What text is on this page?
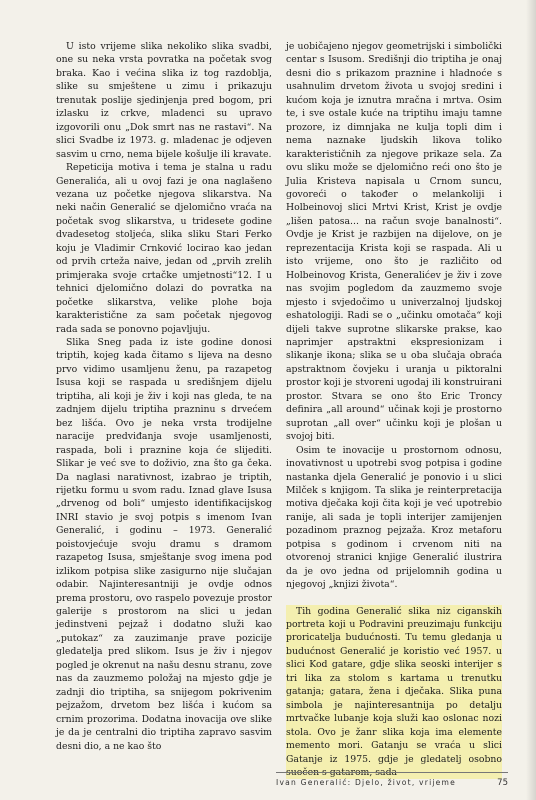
U isto vrijeme slika nekoliko slika svadbi, one su neka vrsta povratka na početak svog braka. Kao i većina slika iz tog razdoblja, slike su smještene u zimu i prikazuju trenutak poslije sjedinjenja pred bogom, pri izlasku iz crkve, mladenci su upravo izgovorili onu „Dok smrt nas ne rastavi“. Na slici Svadbe iz 1973. g. mladenac je odjeven sasvim u crno, nema bijele košulje ili kravate.

Repeticija motiva i tema je stalna u radu Generalića, ali u ovoj fazi je ona naglašeno vezana uz početke njegova slikarstva. Na neki način Generalić se djelomično vraća na početak svog slikarstva, u tridesete godine dvadesetog stoljeća, slika sliku Stari Ferko koju je Vladimir Crnković locirao kao jedan od prvih crteža naive, jedan od „prvih zrelih primjeraka svoje crtačke umjetnosti“12. I u tehnici djelomično dolazi do povratka na početke slikarstva, velike plohe boja karakteristične za sam početak njegovog rada sada se ponovno pojavljuju.

Slika Sneg pada iz iste godine donosi triptih, kojeg kada čitamo s lijeva na desno prvo vidimo usamljenu ženu, pa razapetog Isusa koji se raspada u središnjem dijelu triptiha, ali koji je živ i koji nas gleda, te na zadnjem dijelu triptiha prazninu s drvećem bez lišća. Ovo je neka vrsta trodijelne naracije predviđanja svoje usamljenosti, raspada, boli i praznine koja će slijediti. Slikar je već sve to doživio, zna što ga čeka. Da naglasi narativnost, izabrao je triptih, rijetku formu u svom radu. Iznad glave Isusa „drvenog od boli“ umjesto identifikacijskog INRI stavio je svoj potpis s imenom Ivan Generalić, i godinu – 1973. Generalić poistovjećuje svoju dramu s dramom razapetog Isusa, smještanje svog imena pod izlikom potpisa slike zasigurno nije slučajan odabir. Najinteresantniji je ovdje odnos prema prostoru, ovo raspelo povezuje prostor galerije s prostorom na slici u jedan jedinstveni pejzaž i dodatno služi kao „putokaz“ za zauzimanje prave pozicije gledatelja pred slikom. Isus je živ i njegov pogled je okrenut na našu desnu stranu, zove nas da zauzmemo položaj na mjesto gdje je zadnji dio triptiha, sa snijegom pokrivenim pejzažom, drvetom bez lišća i kućom sa crnim prozorima. Dodatna inovacija ove slike je da je centralni dio triptiha zapravo sasvim desni dio, a ne kao što

je uobičajeno njegov geometrijski i simbolički centar s Isusom. Središnji dio triptiha je onaj desni dio s prikazom praznine i hladnoće s usahnulim drvetom života u svojoj sredini i kućom koja je iznutra mračna i mrtva. Osim te, i sve ostale kuće na triptihu imaju tamne prozore, iz dimnjaka ne kulja topli dim i nema naznake ljudskih likova toliko karakterističnih za njegove prikaze sela. Za ovu sliku može se djelomično reći ono što je Julia Kristeva napisala u Crnom suncu, govoreći o također o melankoliji i Holbeinovoj slici Mrtvi Krist, Krist je ovdje „lišen patosa... na račun svoje banalnosti“. Ovdje je Krist je razbijen na dijelove, on je reprezentacija Krista koji se raspada. Ali u isto vrijeme, ono što je različito od Holbeinovog Krista, Generalićev je živ i zove nas svojim pogledom da zauzmemo svoje mjesto i svjedočimo u univerzalnoj ljudskoj eshatologiji. Radi se o „učinku omotača“ koji dijeli takve suprotne slikarske prakse, kao naprimjer apstraktni ekspresionizam i slikanje ikona; slika se u oba slučaja obraća apstraktnom čovjeku i uranja u piktoralni prostor koji je stvoreni ugodaj ili konstruirani prostor. Stvara se ono što Eric Troncy definira „all around“ učinak koji je prostorno suprotan „all over“ učinku koji je plošan u svojoj biti.

Osim te inovacije u prostornom odnosu, inovativnost u upotrebi svog potpisa i godine nastanka djela Generalić je ponovio i u slici Milček s knjigom. Ta slika je reinterpretacija motiva dječaka koji čita koji je već upotrebio ranije, ali sada je topli interijer zamijenjen pozadinom praznog pejzaža. Kroz metaforu potpisa s godinom i crvenom niti na otvorenoj stranici knjige Generalić ilustrira da je ovo jedna od prijelomnih godina u njegovoj „knjizi života“.

Tih godina Generalić slika niz ciganskih portreta koji u Podravini preuzimaju funkciju proricatelja budućnosti. Tu temu gledanja u budućnost Generalić je koristio već 1957. u slici Kod gatare, gdje slika seoski interijer s tri lika za stolom s kartama u trenutku gatanja; gatara, žena i dječaka. Slika puna simbola je najinteresantnija po detalju mrtvačke lubanje koja služi kao oslonac nozi stola. Ovo je žanr slika koja ima elemente memento mori. Gatanju se vraća u slici Gatanje iz 1975. gdje je gledatelj osobno

Ivan Generalić: Djelo, život, vrijeme	75
